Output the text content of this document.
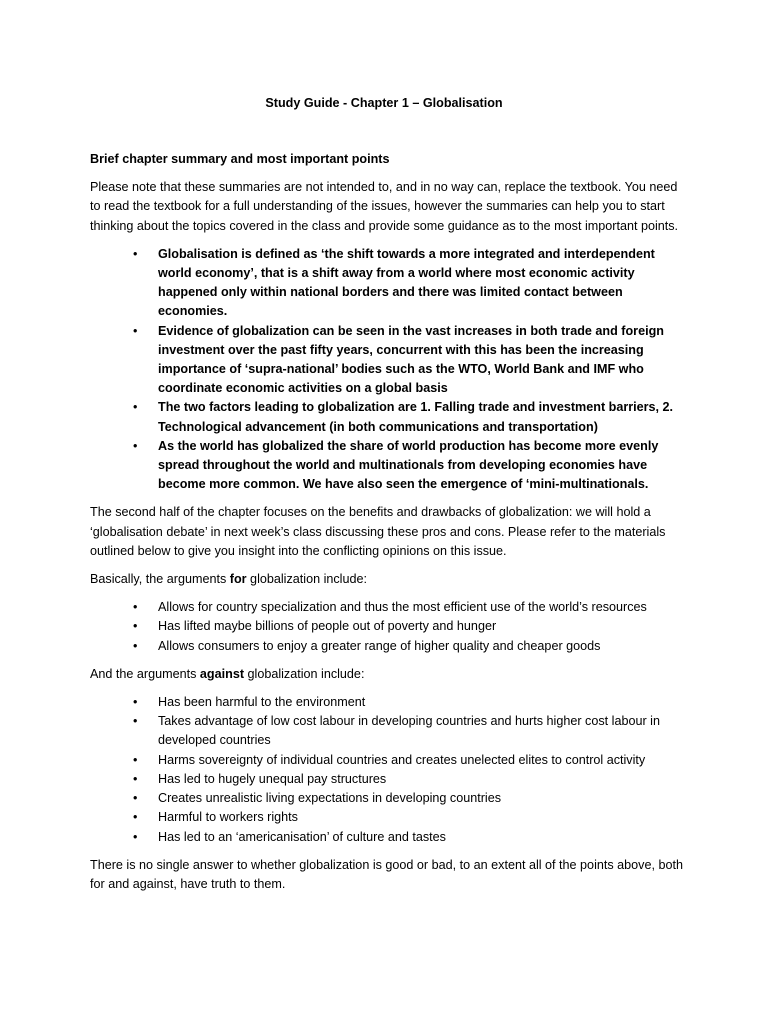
Study Guide - Chapter 1 – Globalisation
Brief chapter summary and most important points

Please note that these summaries are not intended to, and in no way can, replace the textbook. You need to read the textbook for a full understanding of the issues, however the summaries can help you to start thinking about the topics covered in the class and provide some guidance as to the most important points.

• Globalisation is defined as ‘the shift towards a more integrated and interdependent world economy’, that is a shift away from a world where most economic activity happened only within national borders and there was limited contact between economies.
• Evidence of globalization can be seen in the vast increases in both trade and foreign investment over the past fifty years, concurrent with this has been the increasing importance of ‘supra-national’ bodies such as the WTO, World Bank and IMF who coordinate economic activities on a global basis
• The two factors leading to globalization are 1. Falling trade and investment barriers, 2. Technological advancement (in both communications and transportation)
• As the world has globalized the share of world production has become more evenly spread throughout the world and multinationals from developing economies have become more common. We have also seen the emergence of ‘mini-multinationals.

The second half of the chapter focuses on the benefits and drawbacks of globalization: we will hold a ‘globalisation debate’ in next week’s class discussing these pros and cons. Please refer to the materials outlined below to give you insight into the conflicting opinions on this issue.

Basically, the arguments for globalization include:

• Allows for country specialization and thus the most efficient use of the world’s resources
• Has lifted maybe billions of people out of poverty and hunger
• Allows consumers to enjoy a greater range of higher quality and cheaper goods

And the arguments against globalization include:

• Has been harmful to the environment
• Takes advantage of low cost labour in developing countries and hurts higher cost labour in developed countries
• Harms sovereignty of individual countries and creates unelected elites to control activity
• Has led to hugely unequal pay structures
• Creates unrealistic living expectations in developing countries
• Harmful to workers rights
• Has led to an ‘americanisation’ of culture and tastes

There is no single answer to whether globalization is good or bad, to an extent all of the points above, both for and against, have truth to them.
